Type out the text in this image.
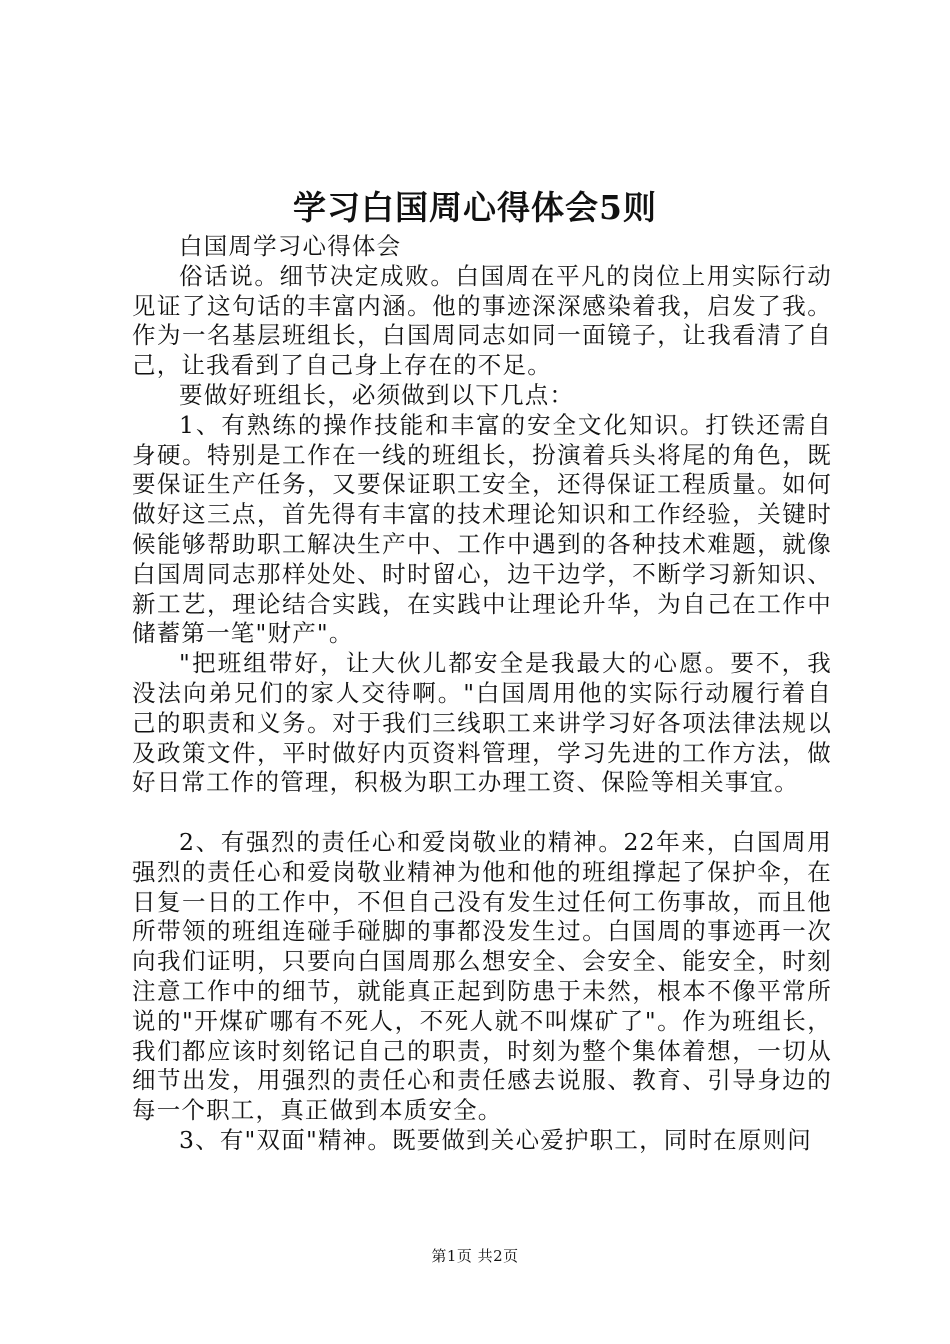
学习白国周心得体会5则

白国周学习心得体会

俗话说。细节决定成败。白国周在平凡的岗位上用实际行动见证了这句话的丰富内涵。他的事迹深深感染着我，启发了我。作为一名基层班组长，白国周同志如同一面镜子，让我看清了自己，让我看到了自己身上存在的不足。

要做好班组长，必须做到以下几点：

1、有熟练的操作技能和丰富的安全文化知识。打铁还需自身硬。特别是工作在一线的班组长，扮演着兵头将尾的角色，既要保证生产任务，又要保证职工安全，还得保证工程质量。如何做好这三点，首先得有丰富的技术理论知识和工作经验，关键时候能够帮助职工解决生产中、工作中遇到的各种技术难题，就像白国周同志那样处处、时时留心，边干边学，不断学习新知识、新工艺，理论结合实践，在实践中让理论升华，为自己在工作中储蓄第一笔"财产"。

"把班组带好，让大伙儿都安全是我最大的心愿。要不，我没法向弟兄们的家人交待啊。"白国周用他的实际行动履行着自己的职责和义务。对于我们三线职工来讲学习好各项法律法规以及政策文件，平时做好内页资料管理，学习先进的工作方法，做好日常工作的管理，积极为职工办理工资、保险等相关事宜。

2、有强烈的责任心和爱岗敬业的精神。22年来，白国周用强烈的责任心和爱岗敬业精神为他和他的班组撑起了保护伞，在日复一日的工作中，不但自己没有发生过任何工伤事故，而且他所带领的班组连碰手碰脚的事都没发生过。白国周的事迹再一次向我们证明，只要向白国周那么想安全、会安全、能安全，时刻注意工作中的细节，就能真正起到防患于未然，根本不像平常所说的"开煤矿哪有不死人，不死人就不叫煤矿了"。作为班组长，我们都应该时刻铭记自己的职责，时刻为整个集体着想，一切从细节出发，用强烈的责任心和责任感去说服、教育、引导身边的每一个职工，真正做到本质安全。

3、有"双面"精神。既要做到关心爱护职工，同时在原则问

第1页 共2页
